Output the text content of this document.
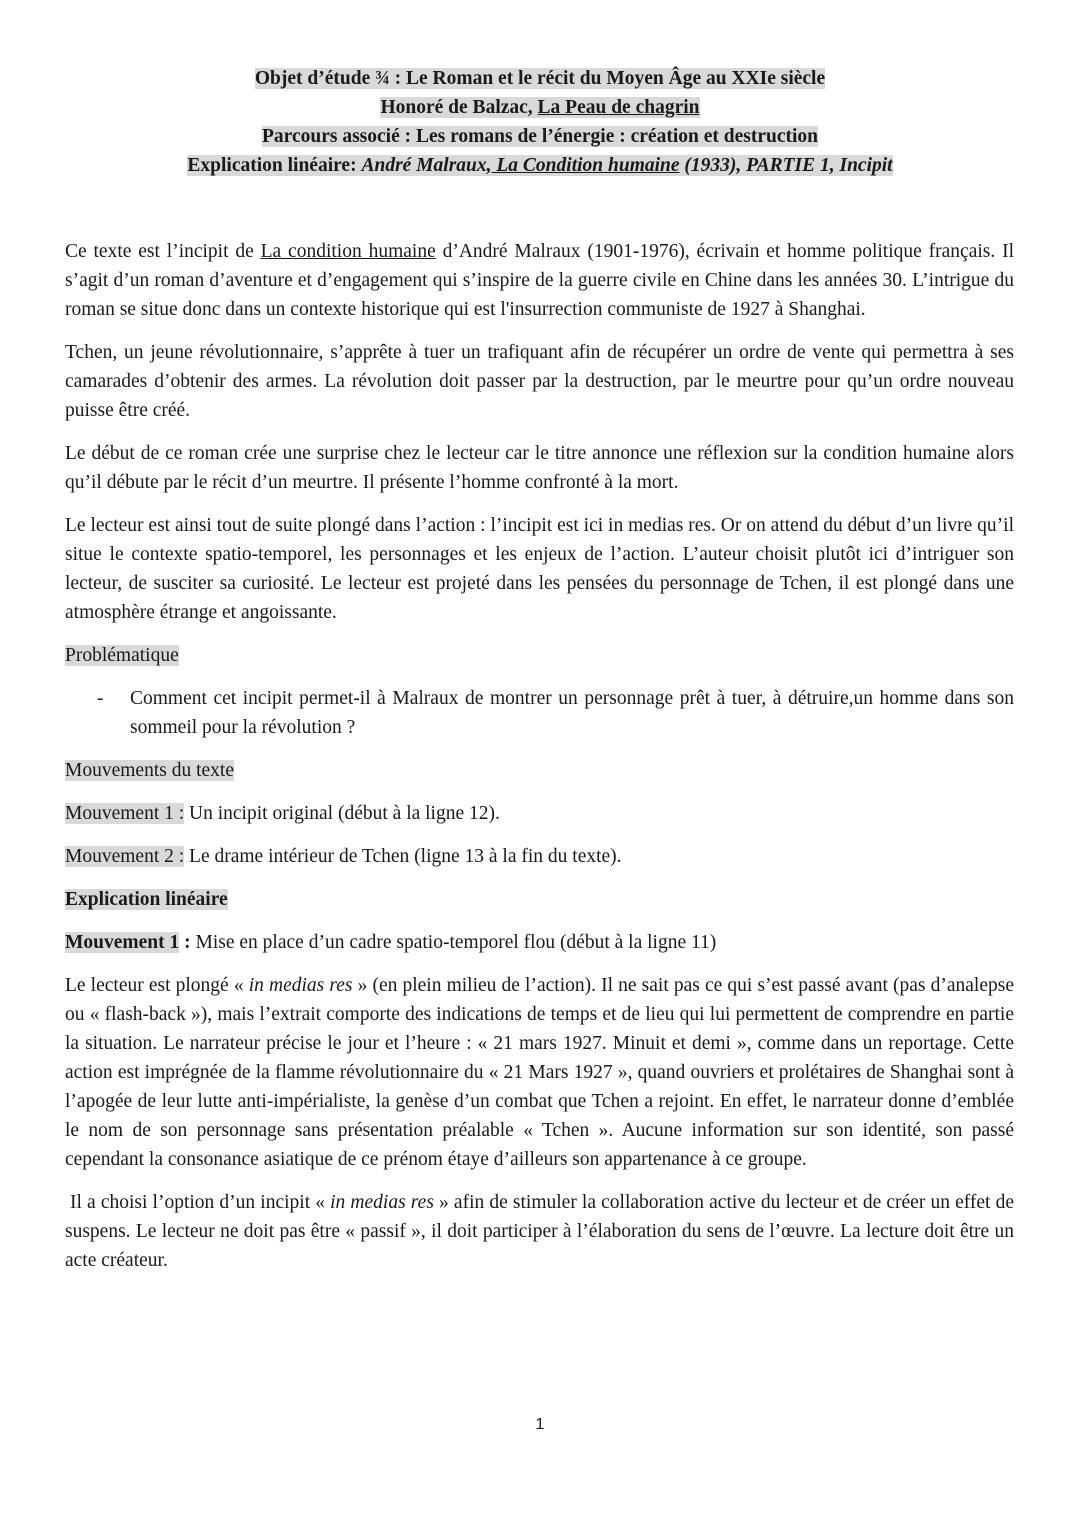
Objet d’étude ¾ : Le Roman et le récit du Moyen Âge au XXIe siècle
Honoré de Balzac, La Peau de chagrin
Parcours associé : Les romans de l’énergie : création et destruction
Explication linéaire: André Malraux, La Condition humaine (1933), PARTIE 1, Incipit

Ce texte est l’incipit de La condition humaine d’André Malraux (1901-1976), écrivain et homme politique français. Il s’agit d’un roman d’aventure et d’engagement qui s’inspire de la guerre civile en Chine dans les années 30. L’intrigue du roman se situe donc dans un contexte historique qui est l'insurrection communiste de 1927 à Shanghai.

Tchen, un jeune révolutionnaire, s’apprête à tuer un trafiquant afin de récupérer un ordre de vente qui permettra à ses camarades d’obtenir des armes. La révolution doit passer par la destruction, par le meurtre pour qu’un ordre nouveau puisse être créé.

Le début de ce roman crée une surprise chez le lecteur car le titre annonce une réflexion sur la condition humaine alors qu’il débute par le récit d’un meurtre. Il présente l’homme confronté à la mort.

Le lecteur est ainsi tout de suite plongé dans l’action : l’incipit est ici in medias res. Or on attend du début d’un livre qu’il situe le contexte spatio-temporel, les personnages et les enjeux de l’action. L’auteur choisit plutôt ici d’intriguer son lecteur, de susciter sa curiosité. Le lecteur est projeté dans les pensées du personnage de Tchen, il est plongé dans une atmosphère étrange et angoissante.

Problématique
-	Comment cet incipit permet-il à Malraux de montrer un personnage prêt à tuer, à détruire,un homme dans son sommeil pour la révolution ?
Mouvements du texte
Mouvement 1 : Un incipit original (début à la ligne 12).
Mouvement 2 : Le drame intérieur de Tchen (ligne 13 à la fin du texte).
Explication linéaire
Mouvement 1 : Mise en place d’un cadre spatio-temporel flou (début à la ligne 11)

Le lecteur est plongé « in medias res » (en plein milieu de l’action). Il ne sait pas ce qui s’est passé avant (pas d’analepse ou « flash-back »), mais l’extrait comporte des indications de temps et de lieu qui lui permettent de comprendre en partie la situation. Le narrateur précise le jour et l’heure : « 21 mars 1927. Minuit et demi », comme dans un reportage. Cette action est imprégnée de la flamme révolutionnaire du « 21 Mars 1927 », quand ouvriers et prolétaires de Shanghai sont à l’apogée de leur lutte anti-impérialiste, la genèse d’un combat que Tchen a rejoint. En effet, le narrateur donne d’emblée le nom de son personnage sans présentation préalable « Tchen ». Aucune information sur son identité, son passé cependant la consonance asiatique de ce prénom étaye d’ailleurs son appartenance à ce groupe.

Il a choisi l’option d’un incipit « in medias res » afin de stimuler la collaboration active du lecteur et de créer un effet de suspens. Le lecteur ne doit pas être « passif », il doit participer à l’élaboration du sens de l’œuvre. La lecture doit être un acte créateur.

1
